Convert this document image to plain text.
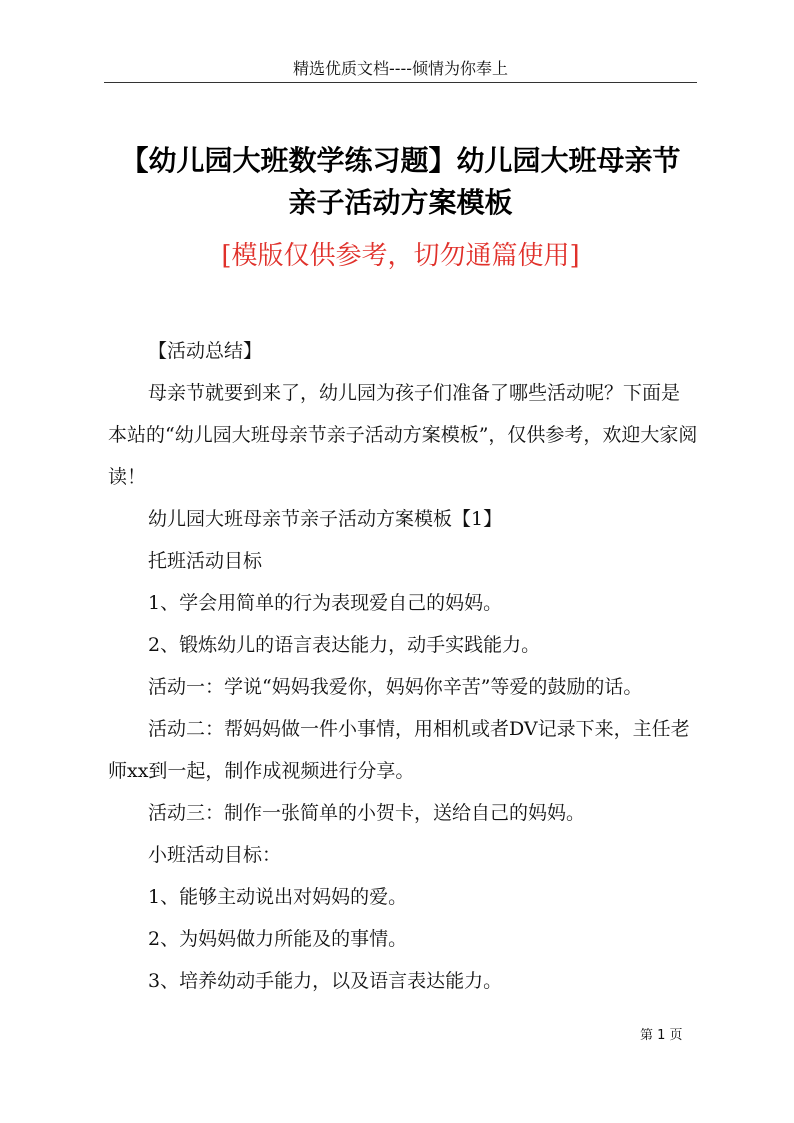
精选优质文档----倾情为你奉上
【幼儿园大班数学练习题】幼儿园大班母亲节
亲子活动方案模板
[模版仅供参考，切勿通篇使用]

【活动总结】

母亲节就要到来了，幼儿园为孩子们准备了哪些活动呢？下面是本站的“幼儿园大班母亲节亲子活动方案模板”，仅供参考，欢迎大家阅读！

幼儿园大班母亲节亲子活动方案模板【1】

托班活动目标

1、学会用简单的行为表现爱自己的妈妈。

2、锻炼幼儿的语言表达能力，动手实践能力。

活动一：学说“妈妈我爱你，妈妈你辛苦”等爱的鼓励的话。

活动二：帮妈妈做一件小事情，用相机或者DV记录下来，主任老师xx到一起，制作成视频进行分享。

活动三：制作一张简单的小贺卡，送给自己的妈妈。

小班活动目标：

1、能够主动说出对妈妈的爱。

2、为妈妈做力所能及的事情。

3、培养幼动手能力，以及语言表达能力。

第 1 页
